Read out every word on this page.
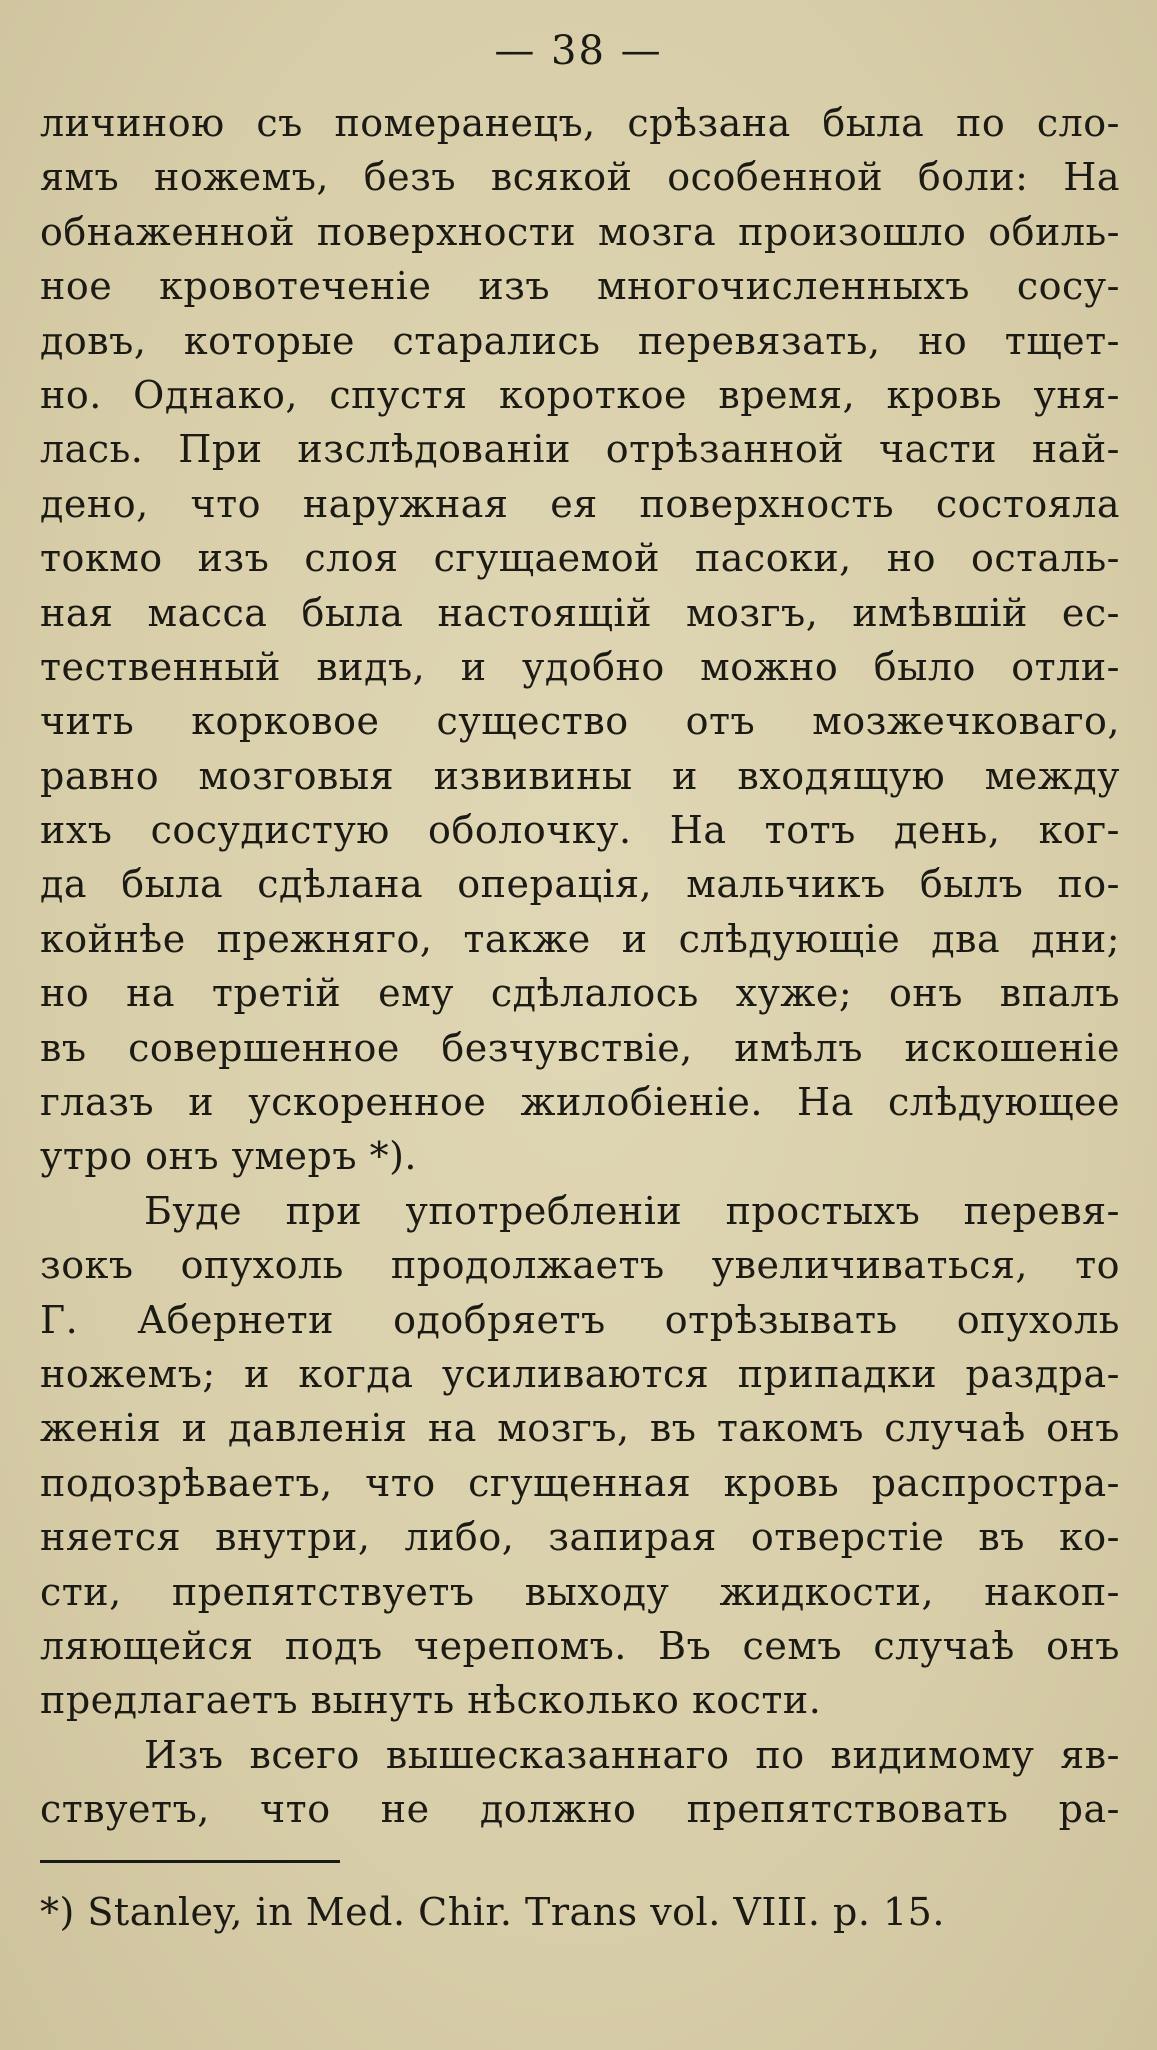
— 38 —
личиною съ померанецъ, срѣзана была по сло-
ямъ ножемъ, безъ всякой особенной боли: На
обнаженной поверхности мозга произошло обиль-
ное кровотеченіе изъ многочисленныхъ сосу-
довъ, которые старались перевязать, но тщет-
но. Однако, спустя короткое время, кровь уня-
лась. При изслѣдованіи отрѣзанной части най-
дено, что наружная ея поверхность состояла
токмо изъ слоя сгущаемой пасоки, но осталь-
ная масса была настоящій мозгъ, имѣвшій ес-
тественный видъ, и удобно можно было отли-
чить корковое существо отъ мозжечковаго,
равно мозговыя извивины и входящую между
ихъ сосудистую оболочку. На тотъ день, ког-
да была сдѣлана операція, мальчикъ былъ по-
койнѣе прежняго, также и слѣдующіе два дни;
но на третій ему сдѣлалось хуже; онъ впалъ
въ совершенное безчувствіе, имѣлъ искошеніе
глазъ и ускоренное жилобіеніе. На слѣдующее
утро онъ умеръ *).
Буде при употребленіи простыхъ перевя-
зокъ опухоль продолжаетъ увеличиваться, то
Г. Абернети одобряетъ отрѣзывать опухоль
ножемъ; и когда усиливаются припадки раздра-
женія и давленія на мозгъ, въ такомъ случаѣ онъ
подозрѣваетъ, что сгущенная кровь распростра-
няется внутри, либо, запирая отверстіе въ ко-
сти, препятствуетъ выходу жидкости, накоп-
ляющейся подъ черепомъ. Въ семъ случаѣ онъ
предлагаетъ вынуть нѣсколько кости.
Изъ всего вышесказаннаго по видимому яв-
ствуетъ, что не должно препятствовать ра-
*) Stanley, in Med. Chir. Trans vol. VIII. p. 15.
